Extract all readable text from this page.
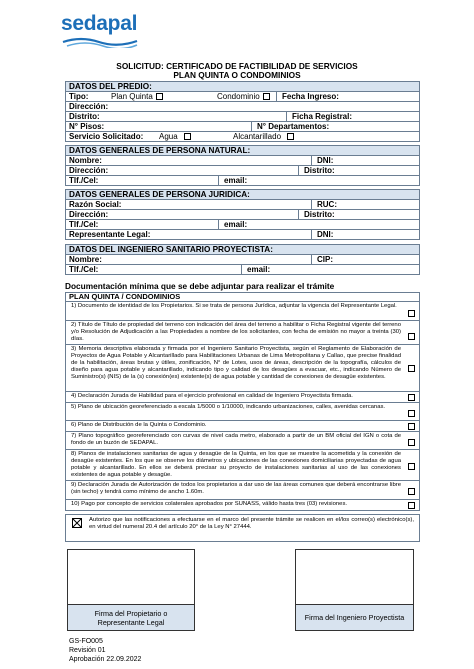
sedapal
SOLICITUD: CERTIFICADO DE FACTIBILIDAD DE SERVICIOS
PLAN QUINTA O CONDOMINIOS
DATOS DEL PREDIO:
Tipo:	Plan Quinta	Condominio	Fecha Ingreso:
Dirección:
Distrito:	Ficha Registral:
N° Pisos:	N° Departamentos:
Servicio Solicitado:	Agua	Alcantarillado
DATOS GENERALES DE PERSONA NATURAL:
Nombre:	DNI:
Dirección:	Distrito:
Tlf./Cel:	email:
DATOS GENERALES DE PERSONA JURIDICA:
Razón Social:	RUC:
Dirección:	Distrito:
Tlf./Cel:	email:
Representante Legal:	DNI:
DATOS DEL INGENIERO SANITARIO PROYECTISTA:
Nombre:	CIP:
Tlf./Cel:	email:
Documentación mínima que se debe adjuntar para realizar el trámite
PLAN QUINTA / CONDOMINIOS
1) Documento de identidad de los Propietarios. Si se trata de persona Jurídica, adjuntar la vigencia del Representante Legal.
2) Título de Título de propiedad del terreno con indicación del área del terreno a habilitar o Ficha Registral vigente del terreno y/o Resolución de Adjudicación a las Propiedades a nombre de los solicitantes, con fecha de emisión no mayor a treinta (30) días.
3) Memoria descriptiva elaborada y firmada por el Ingeniero Sanitario Proyectista, según el Reglamento de Elaboración de Proyectos de Agua Potable y Alcantarillado para Habilitaciones Urbanas de Lima Metropolitana y Callao, que precise finalidad de la habilitación, áreas brutas y útiles, zonificación, N° de Lotes, usos de áreas, descripción de la topografía, cálculos de diseño para agua potable y alcantarillado, indicando tipo y calidad de los desagües a evacuar, etc., indicando Número de Suministro(s) (NIS) de la (s) conexión(es) existente(s) de agua potable y cantidad de conexiones de desagüe existentes.
4) Declaración Jurada de Habilidad para el ejercicio profesional en calidad de Ingeniero Proyectista firmada.
5) Plano de ubicación georeferenciado a escala 1/5000 o 1/10000, indicando urbanizaciones, calles, avenidas cercanas.
6) Plano de Distribución de la Quinta o Condominio.
7) Plano topográfico georeferenciado con curvas de nivel cada metro, elaborado a partir de un BM oficial del IGN o cota de fondo de un buzón de SEDAPAL.
8) Planos de instalaciones sanitarias de agua y desagüe de la Quinta, en los que se muestre la acometida y la conexión de desagüe existentes. En los que se observe los diámetros y ubicaciones de las conexiones domiciliarias proyectadas de agua potable y alcantarillado. En ellos se deberá precisar su proyecto de instalaciones sanitarias al uso de las conexiones existentes de agua potable y desagüe.
9) Declaración Jurada de Autorización de todos los propietarios a dar uso de las áreas comunes que deberá encontrarse libre (sin techo) y tendrá como mínimo de ancho 1.60m.
10) Pago por concepto de servicios colaterales aprobados por SUNASS, válido hasta tres (03) revisiones.
Autorizo que las notificaciones a efectuarse en el marco del presente trámite se realicen en el/los correo(s) electrónico(s), en virtud del numeral 20.4 del artículo 20° de la Ley N° 27444.
Firma del Propietario o Representante Legal	Firma del Ingeniero Proyectista
GS-FO005
Revisión 01
Aprobación 22.09.2022
